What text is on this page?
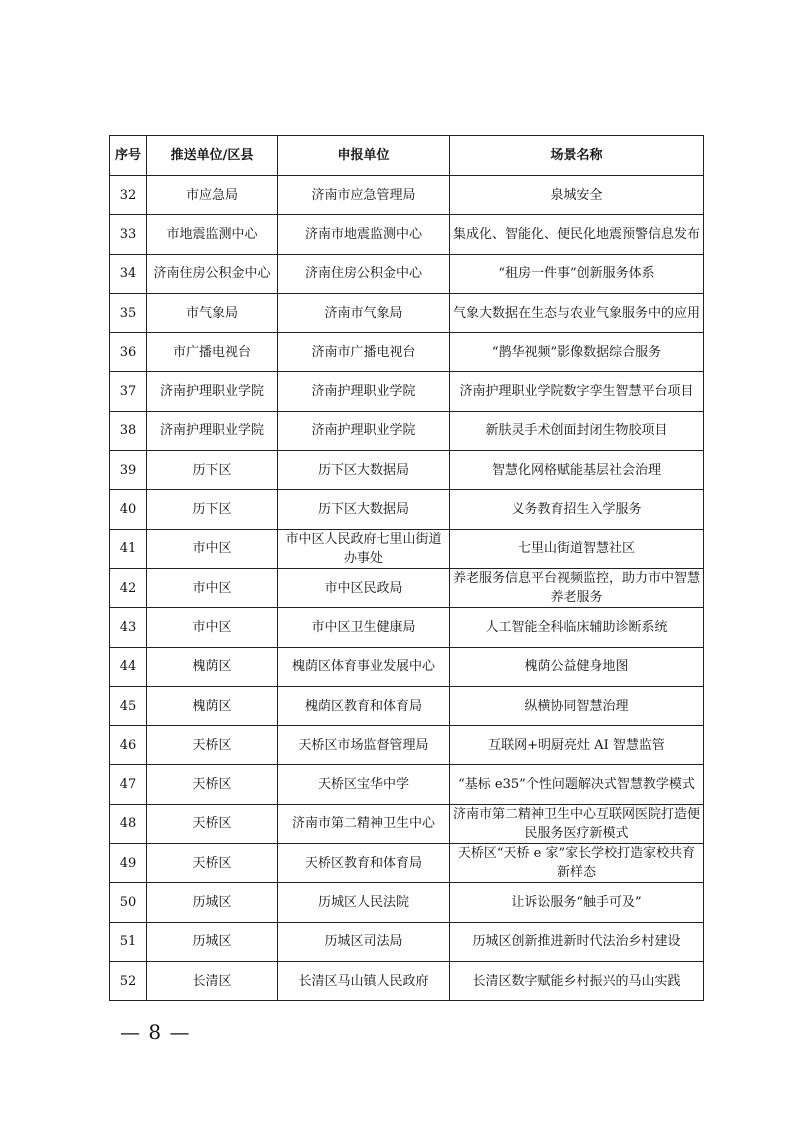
序号	推送单位/区县	申报单位	场景名称
32	市应急局	济南市应急管理局	泉城安全
33	市地震监测中心	济南市地震监测中心	集成化、智能化、便民化地震预警信息发布
34	济南住房公积金中心	济南住房公积金中心	“租房一件事”创新服务体系
35	市气象局	济南市气象局	气象大数据在生态与农业气象服务中的应用
36	市广播电视台	济南市广播电视台	“鹊华视频”影像数据综合服务
37	济南护理职业学院	济南护理职业学院	济南护理职业学院数字孪生智慧平台项目
38	济南护理职业学院	济南护理职业学院	新肤灵手术创面封闭生物胶项目
39	历下区	历下区大数据局	智慧化网格赋能基层社会治理
40	历下区	历下区大数据局	义务教育招生入学服务
41	市中区	市中区人民政府七里山街道办事处	七里山街道智慧社区
42	市中区	市中区民政局	养老服务信息平台视频监控，助力市中智慧养老服务
43	市中区	市中区卫生健康局	人工智能全科临床辅助诊断系统
44	槐荫区	槐荫区体育事业发展中心	槐荫公益健身地图
45	槐荫区	槐荫区教育和体育局	纵横协同智慧治理
46	天桥区	天桥区市场监督管理局	互联网+明厨亮灶 AI 智慧监管
47	天桥区	天桥区宝华中学	“基标 e35”个性问题解决式智慧教学模式
48	天桥区	济南市第二精神卫生中心	济南市第二精神卫生中心互联网医院打造便民服务医疗新模式
49	天桥区	天桥区教育和体育局	天桥区“天桥 e 家”家长学校打造家校共育新样态
50	历城区	历城区人民法院	让诉讼服务“触手可及”
51	历城区	历城区司法局	历城区创新推进新时代法治乡村建设
52	长清区	长清区马山镇人民政府	长清区数字赋能乡村振兴的马山实践
— 8 —
